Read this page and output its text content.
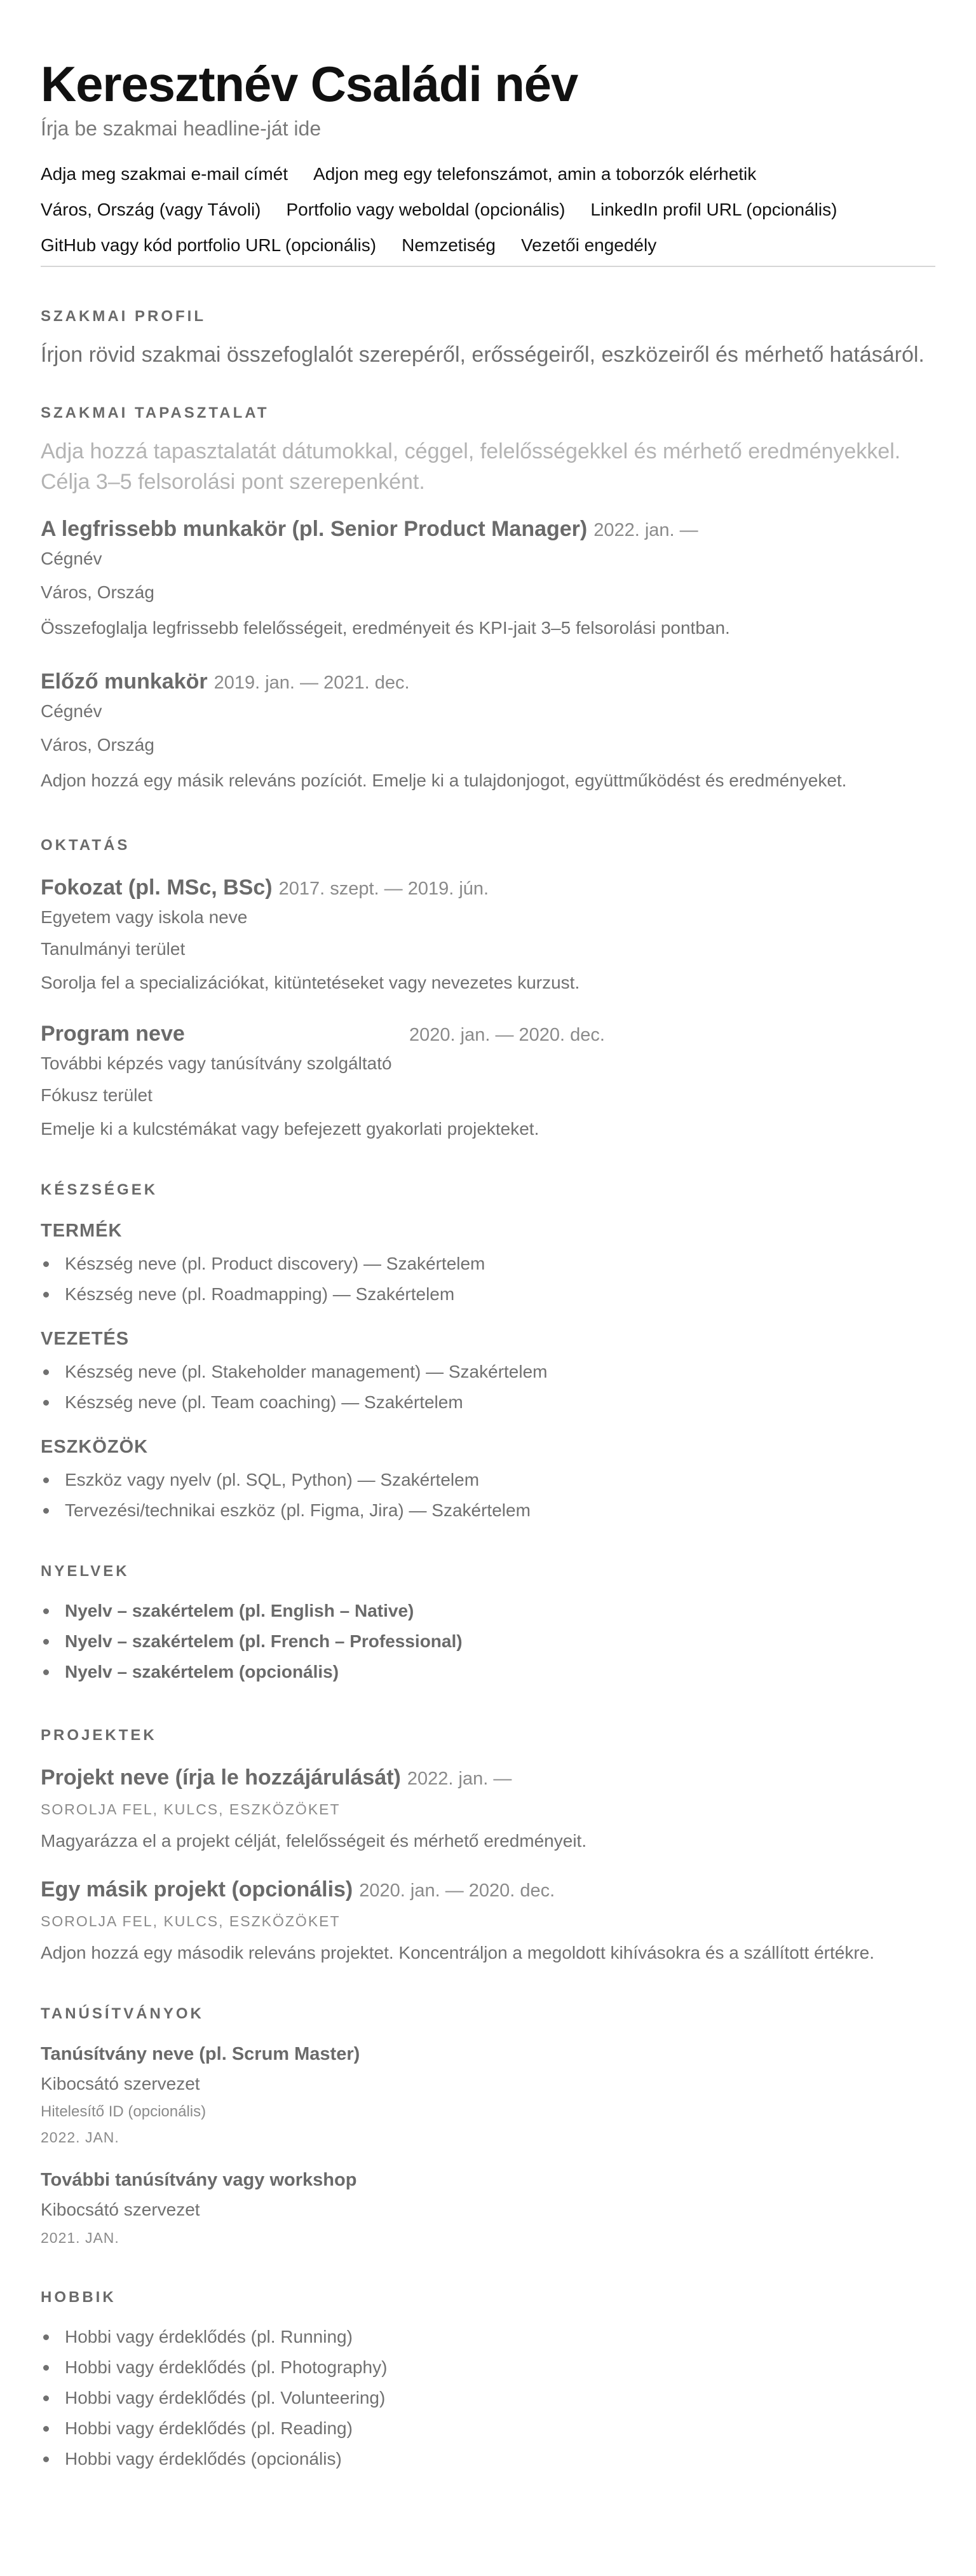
Keresztnév Családi név
Írja be szakmai headline-ját ide
Adja meg szakmai e-mail címét Adjon meg egy telefonszámot, amin a toborzók elérhetik
Város, Ország (vagy Távoli) Portfolio vagy weboldal (opcionális) LinkedIn profil URL (opcionális)
GitHub vagy kód portfolio URL (opcionális) Nemzetiség Vezetői engedély
SZAKMAI PROFIL

Írjon rövid szakmai összefoglalót szerepéről, erősségeiről, eszközeiről és mérhető hatásáról.

SZAKMAI TAPASZTALAT

Adja hozzá tapasztalatát dátumokkal, céggel, felelősségekkel és mérhető eredményekkel. Célja 3–5 felsorolási pont szerepenként.

A legfrissebb munkakör (pl. Senior Product Manager) 2022. jan. —
Cégnév
Város, Ország
Összefoglalja legfrissebb felelősségeit, eredményeit és KPI-jait 3–5 felsorolási pontban.
Előző munkakör 2019. jan. — 2021. dec.
Cégnév
Város, Ország
Adjon hozzá egy másik releváns pozíciót. Emelje ki a tulajdonjogot, együttműködést és eredményeket.
OKTATÁS
Fokozat (pl. MSc, BSc) 2017. szept. — 2019. jún.
Egyetem vagy iskola neve
Tanulmányi terület
Sorolja fel a specializációkat, kitüntetéseket vagy nevezetes kurzust.
Program neve	2020. jan. — 2020. dec.
További képzés vagy tanúsítvány szolgáltató
Fókusz terület
Emelje ki a kulcstémákat vagy befejezett gyakorlati projekteket.
KÉSZSÉGEK
TERMÉK
Készség neve (pl. Product discovery) — Szakértelem
Készség neve (pl. Roadmapping) — Szakértelem
VEZETÉS
Készség neve (pl. Stakeholder management) — Szakértelem
Készség neve (pl. Team coaching) — Szakértelem
ESZKÖZÖK
Eszköz vagy nyelv (pl. SQL, Python) — Szakértelem
Tervezési/technikai eszköz (pl. Figma, Jira) — Szakértelem
NYELVEK
Nyelv – szakértelem (pl. English – Native)
Nyelv – szakértelem (pl. French – Professional)
Nyelv – szakértelem (opcionális)
PROJEKTEK
Projekt neve (írja le hozzájárulását) 2022. jan. —
SOROLJA FEL, KULCS, ESZKÖZÖKET
Magyarázza el a projekt célját, felelősségeit és mérhető eredményeit.
Egy másik projekt (opcionális) 2020. jan. — 2020. dec.
SOROLJA FEL, KULCS, ESZKÖZÖKET
Adjon hozzá egy második releváns projektet. Koncentráljon a megoldott kihívásokra és a szállított értékre.
TANÚSÍTVÁNYOK
Tanúsítvány neve (pl. Scrum Master)
Kibocsátó szervezet
Hitelesítő ID (opcionális)
2022. JAN.
További tanúsítvány vagy workshop
Kibocsátó szervezet
2021. JAN.
HOBBIK
Hobbi vagy érdeklődés (pl. Running)
Hobbi vagy érdeklődés (pl. Photography)
Hobbi vagy érdeklődés (pl. Volunteering)
Hobbi vagy érdeklődés (pl. Reading)
Hobbi vagy érdeklődés (opcionális)
